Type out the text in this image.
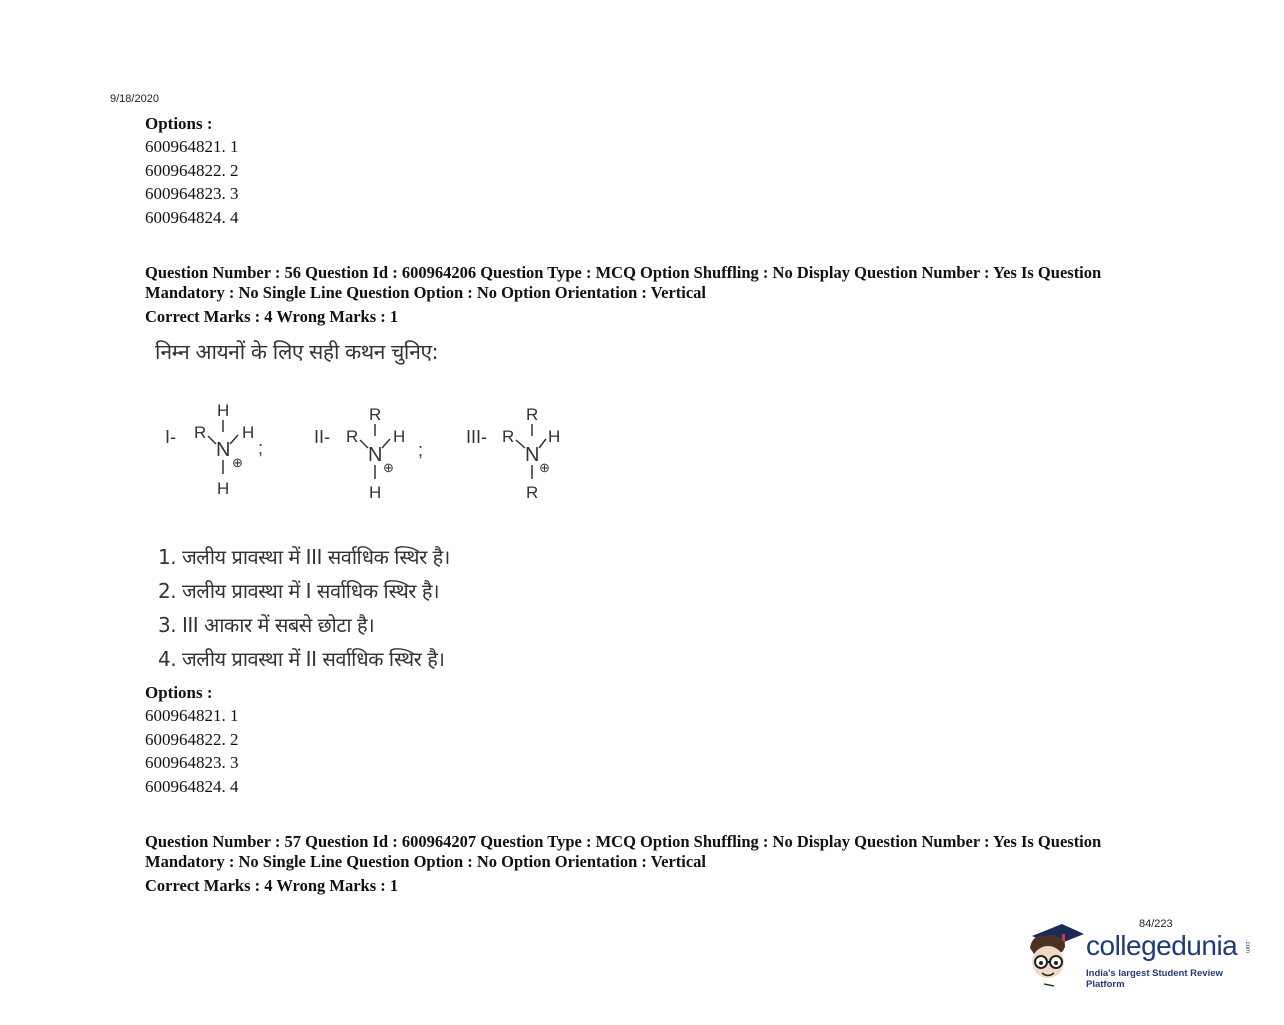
9/18/2020
Options :
600964821. 1
600964822. 2
600964823. 3
600964824. 4
Question Number : 56 Question Id : 600964206 Question Type : MCQ Option Shuffling : No Display Question Number : Yes Is Question
Mandatory : No Single Line Question Option : No Option Orientation : Vertical
Correct Marks : 4 Wrong Marks : 1
निम्न आयनों के लिए सही कथन चुनिए:
I-
H
R H
N
⊕
H
;
II-
R
R H
N
⊕
H
;
III-
R
R H
N
⊕
R
1. जलीय प्रावस्था में III सर्वाधिक स्थिर है।
2. जलीय प्रावस्था में I सर्वाधिक स्थिर है।
3. III आकार में सबसे छोटा है।
4. जलीय प्रावस्था में II सर्वाधिक स्थिर है।
Options :
600964821. 1
600964822. 2
600964823. 3
600964824. 4
Question Number : 57 Question Id : 600964207 Question Type : MCQ Option Shuffling : No Display Question Number : Yes Is Question
Mandatory : No Single Line Question Option : No Option Orientation : Vertical
Correct Marks : 4 Wrong Marks : 1
84/223
collegedunia .com
India's largest Student Review Platform
